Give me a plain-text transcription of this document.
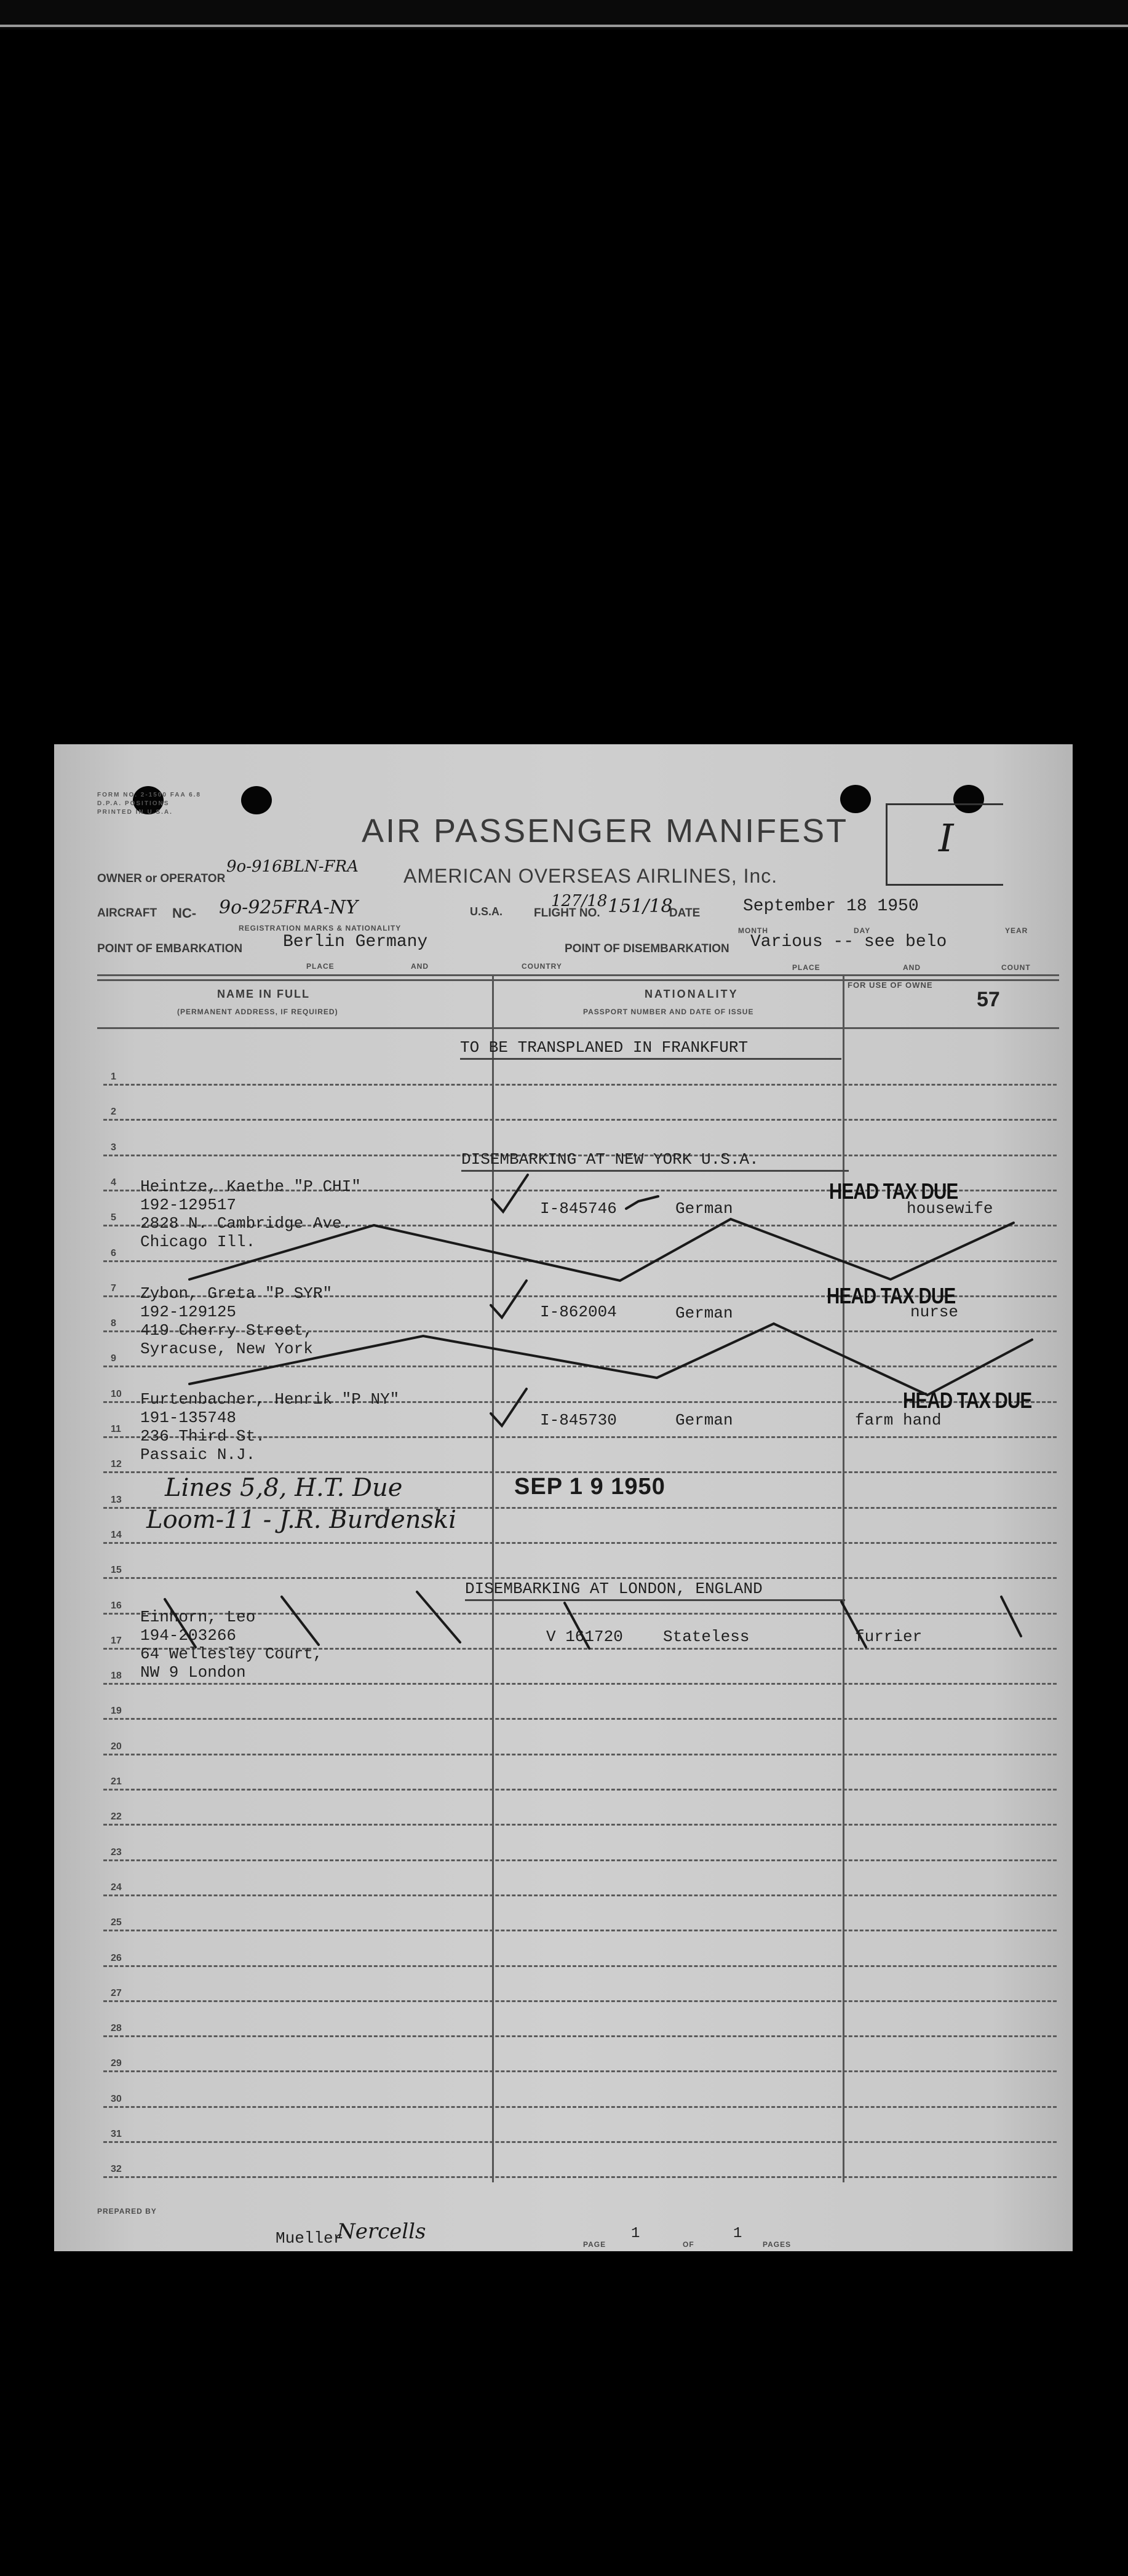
FORM NO. 2-1500 FAA 6.8
D.P.A. POSITIONS
PRINTED IN U.S.A.
AIR PASSENGER MANIFEST I
OWNER or OPERATOR
9o-916BLN-FRA AMERICAN OVERSEAS AIRLINES, Inc.
127/18
AIRCRAFT NC- 9o-925FRA-NY	U.S.A.
REGISTRATION MARKS & NATIONALITY
FLIGHT NO. 151/18
DATE September 18 1950
MONTH	DAY	YEAR
POINT OF EMBARKATION Berlin Germany
PLACE	AND	COUNTRY
POINT OF DISEMBARKATION Various -- see belo
PLACE	AND	COUNT
NAME IN FULL
(PERMANENT ADDRESS, IF REQUIRED)
NATIONALITY
PASSPORT NUMBER AND DATE OF ISSUE
FOR USE OF OWNE
57
1
2
3
4
5
6
7
8
9
10
11
12
13
14
15
16
17
18
19
20
21
22
23
24
25
26
27
28
29
30
31
32
TO BE TRANSPLANED IN FRANKFURT
DISEMBARKING AT NEW YORK U.S.A.
DISEMBARKING AT LONDON, ENGLAND
Heintze, Kaethe "P CHI"
192-129517
2828 N. Cambridge Ave.
Chicago Ill.
I-845746	German	housewife
HEAD TAX DUE
Zybon, Greta "P SYR"
192-129125
419 Cherry Street,
Syracuse, New York
I-862004	German	nurse
HEAD TAX DUE
Furtenbacher, Henrik "P NY"
191-135748
236 Third St.
Passaic N.J.
I-845730	German	farm hand
HEAD TAX DUE
Einhorn, Leo
194-203266
64 Wellesley Court,
NW 9 London
V 161720	Stateless	furrier
Lines 5,8, H.T. Due
Loom-11 - J.R. Burdenski
SEP 1 9 1950
PREPARED BY
Mueller
Nercells
PAGE
1
OF
1
PAGES
